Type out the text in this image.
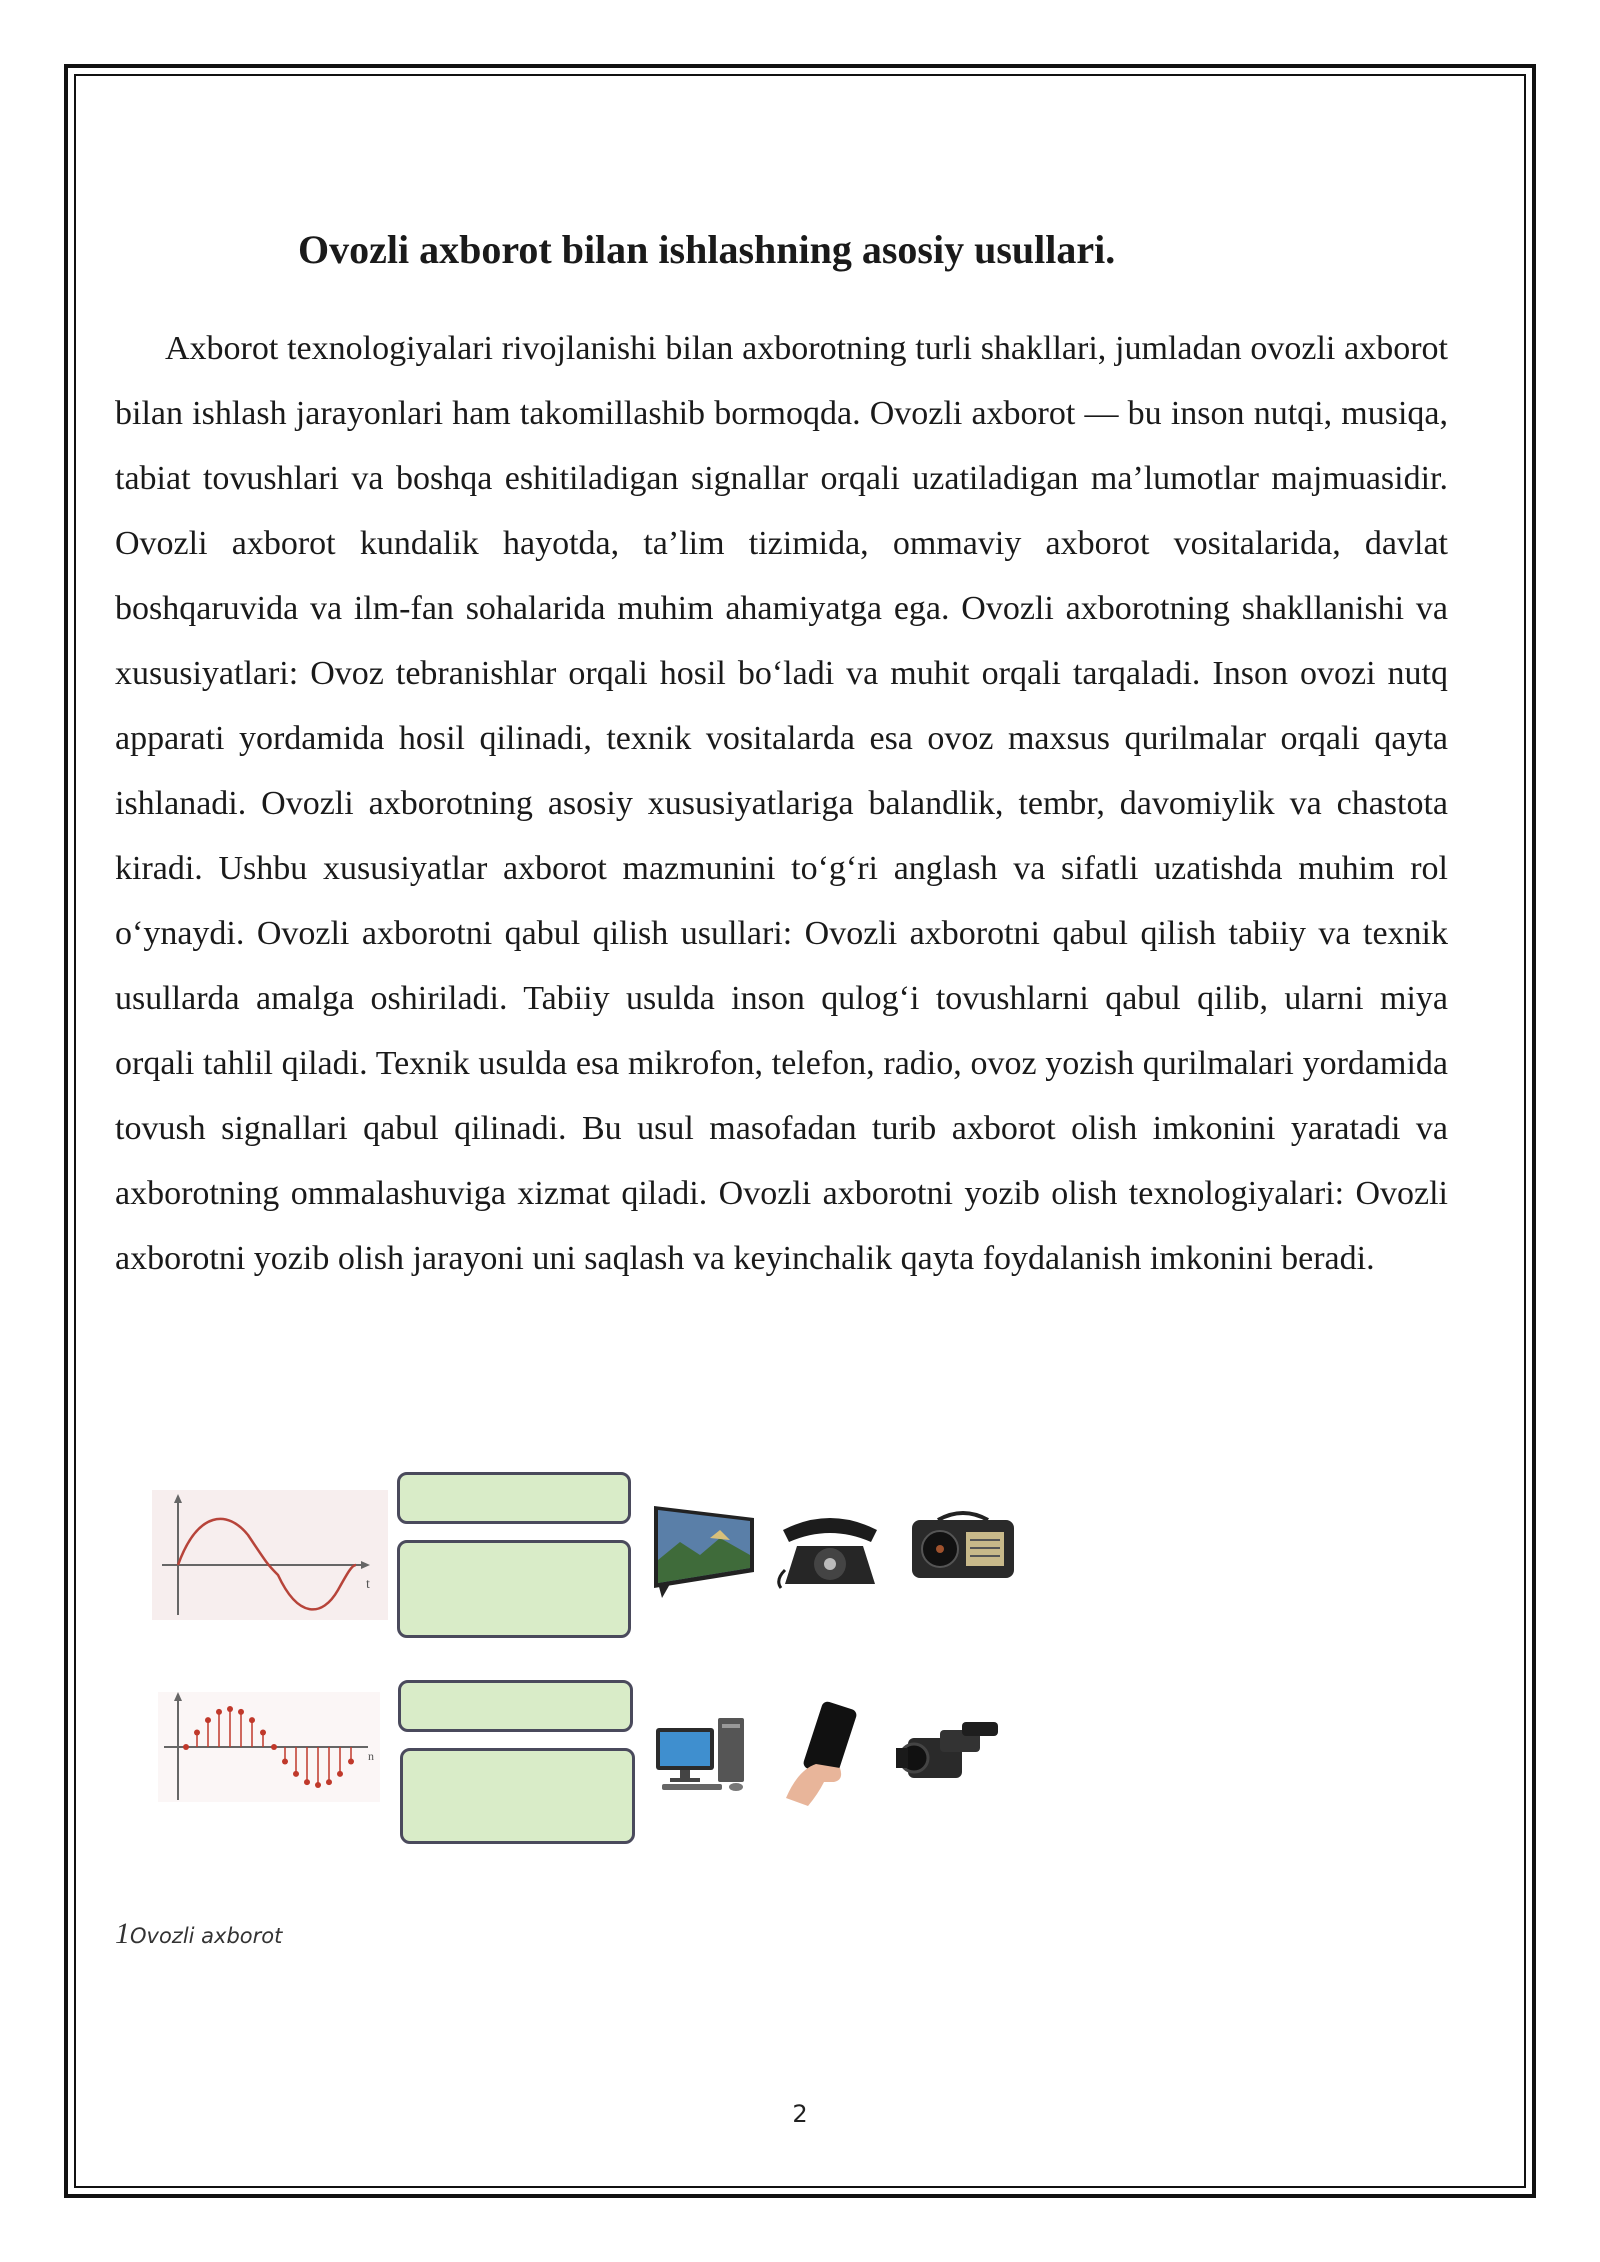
Ovozli axborot bilan ishlashning asosiy usullari.

Axborot texnologiyalari rivojlanishi bilan axborotning turli shakllari, jumladan ovozli axborot bilan ishlash jarayonlari ham takomillashib bormoqda. Ovozli axborot — bu inson nutqi, musiqa, tabiat tovushlari va boshqa eshitiladigan signallar orqali uzatiladigan ma’lumotlar majmuasidir. Ovozli axborot kundalik hayotda, ta’lim tizimida, ommaviy axborot vositalarida, davlat boshqaruvida va ilm-fan sohalarida muhim ahamiyatga ega. Ovozli axborotning shakllanishi va xususiyatlari: Ovoz tebranishlar orqali hosil bo‘ladi va muhit orqali tarqaladi. Inson ovozi nutq apparati yordamida hosil qilinadi, texnik vositalarda esa ovoz maxsus qurilmalar orqali qayta ishlanadi. Ovozli axborotning asosiy xususiyatlariga balandlik, tembr, davomiylik va chastota kiradi. Ushbu xususiyatlar axborot mazmunini to‘g‘ri anglash va sifatli uzatishda muhim rol o‘ynaydi. Ovozli axborotni qabul qilish usullari: Ovozli axborotni qabul qilish tabiiy va texnik usullarda amalga oshiriladi. Tabiiy usulda inson qulog‘i tovushlarni qabul qilib, ularni miya orqali tahlil qiladi. Texnik usulda esa mikrofon, telefon, radio, ovoz yozish qurilmalari yordamida tovush signallari qabul qilinadi. Bu usul masofadan turib axborot olish imkonini yaratadi va axborotning ommalashuviga xizmat qiladi. Ovozli axborotni yozib olish texnologiyalari: Ovozli axborotni yozib olish jarayoni uni saqlash va keyinchalik qayta foydalanish imkonini beradi.

t
n
1Ovozli axborot
2
